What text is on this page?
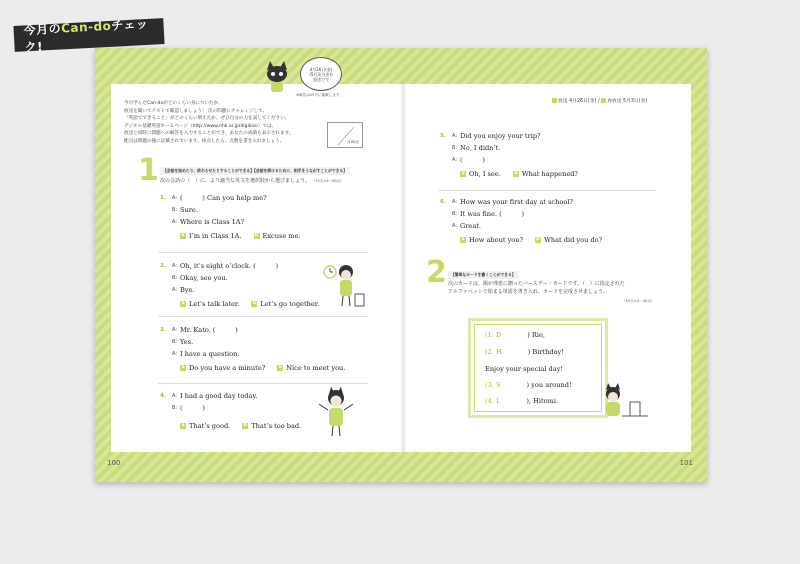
100	101
今月のCan-doチェック!
4月26日(金)
(5月3日(金))
放送です
※解答は25号に掲載します。

今月学んだCan-doがどのくらい身についたか、

放送を聞いてテストで確認しましょう！ 次の問題にチャレンジして、

「英語でできること」がどのくらい増えたか、ぜひ自分の力を試してください。

デジタル基礎英語ホームページ（http://www.nhk.or.jp/digikiso）では、

放送と同時に問題への解答を入力することができ、あなたの成績も表示されます。

配点は問題の後に記載されています。採点したら、点数を書き入れましょう。	/100点
1	【会話を始めたり、終わらせたりすることができる】【会話を続けるために、相手をうながすことができる】
次の会話の（　）に、より適当な英文を選択肢から選びましょう。 （15点×4＝60点）
1.	A: (　　　) Can you help me?
B: Sure.
A: Where is Class 1A?
a I’m in Class 1A.	b Excuse me.
2.	A: Oh, it’s eight o’clock. (　　　)
B: Okay, see you.
A: Bye.
a Let’s talk later.	b Let’s go together.
3.	A: Mr. Kato. (　　　)
B: Yes.
A: I have a question.
a Do you have a minute?	b Nice to meet you.
4.	A: I had a good day today.
B: (　　　)
a That’s good.	b That’s too bad.
放送 4月26日(金) / 再放送 5月3日(金)
5.	A: Did you enjoy your trip?
B: No, I didn’t.
A: (　　　)
a Oh, I see.	b What happened?
6.	A: How was your first day at school?
B: It was fine. (　　　)
A: Great.
a How about you?	b What did you do?
2	【簡単なカードを書くことができる】
次のカードは、陽が理恵に贈ったバースデー・カードです。（　）に指定された
アルファベットで始まる単語を書き入れ、カードを完成させましょう。
（10点×4＝40点）
(1. D	) Rie,
(2. H	) Birthday!
Enjoy your special day!
(3. S	) you around!
(4. L	), Hitomi.
